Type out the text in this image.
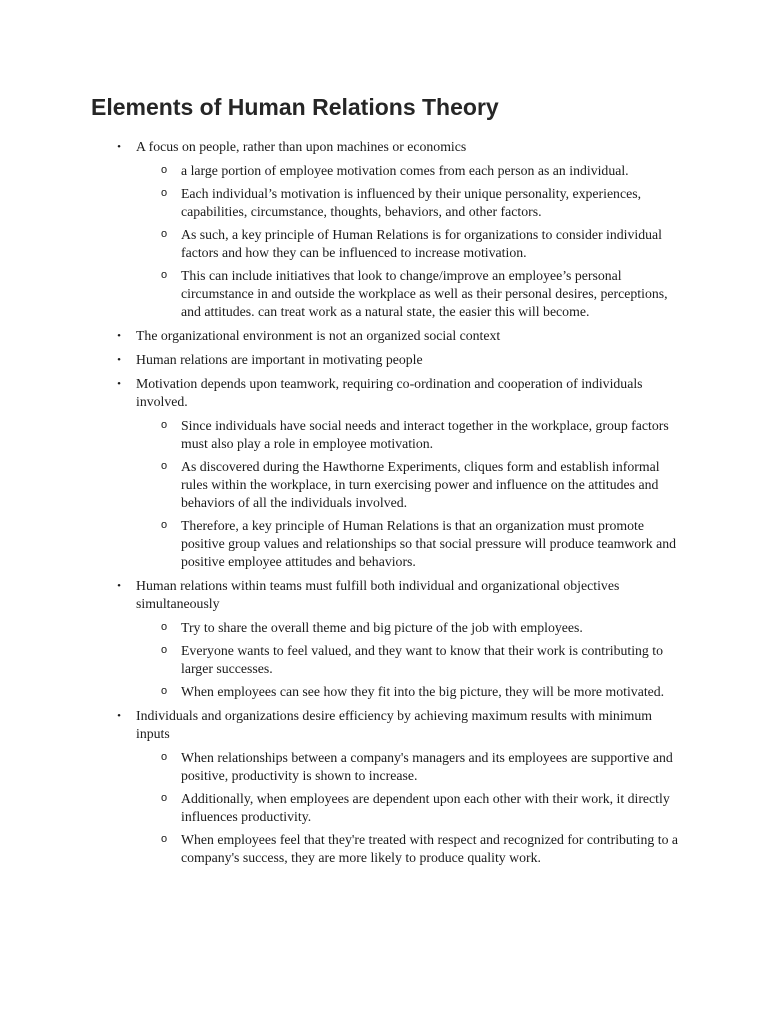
Elements of Human Relations Theory
• A focus on people, rather than upon machines or economics
o a large portion of employee motivation comes from each person as an individual.
o Each individual’s motivation is influenced by their unique personality, experiences, capabilities, circumstance, thoughts, behaviors, and other factors.
o As such, a key principle of Human Relations is for organizations to consider individual factors and how they can be influenced to increase motivation.
o This can include initiatives that look to change/improve an employee’s personal circumstance in and outside the workplace as well as their personal desires, perceptions, and attitudes. can treat work as a natural state, the easier this will become.
• The organizational environment is not an organized social context
• Human relations are important in motivating people
• Motivation depends upon teamwork, requiring co-ordination and cooperation of individuals involved.
o Since individuals have social needs and interact together in the workplace, group factors must also play a role in employee motivation.
o As discovered during the Hawthorne Experiments, cliques form and establish informal rules within the workplace, in turn exercising power and influence on the attitudes and behaviors of all the individuals involved.
o Therefore, a key principle of Human Relations is that an organization must promote positive group values and relationships so that social pressure will produce teamwork and positive employee attitudes and behaviors.
• Human relations within teams must fulfill both individual and organizational objectives simultaneously
o Try to share the overall theme and big picture of the job with employees.
o Everyone wants to feel valued, and they want to know that their work is contributing to larger successes.
o When employees can see how they fit into the big picture, they will be more motivated.
• Individuals and organizations desire efficiency by achieving maximum results with minimum inputs
o When relationships between a company's managers and its employees are supportive and positive, productivity is shown to increase.
o Additionally, when employees are dependent upon each other with their work, it directly influences productivity.
o When employees feel that they're treated with respect and recognized for contributing to a company's success, they are more likely to produce quality work.
